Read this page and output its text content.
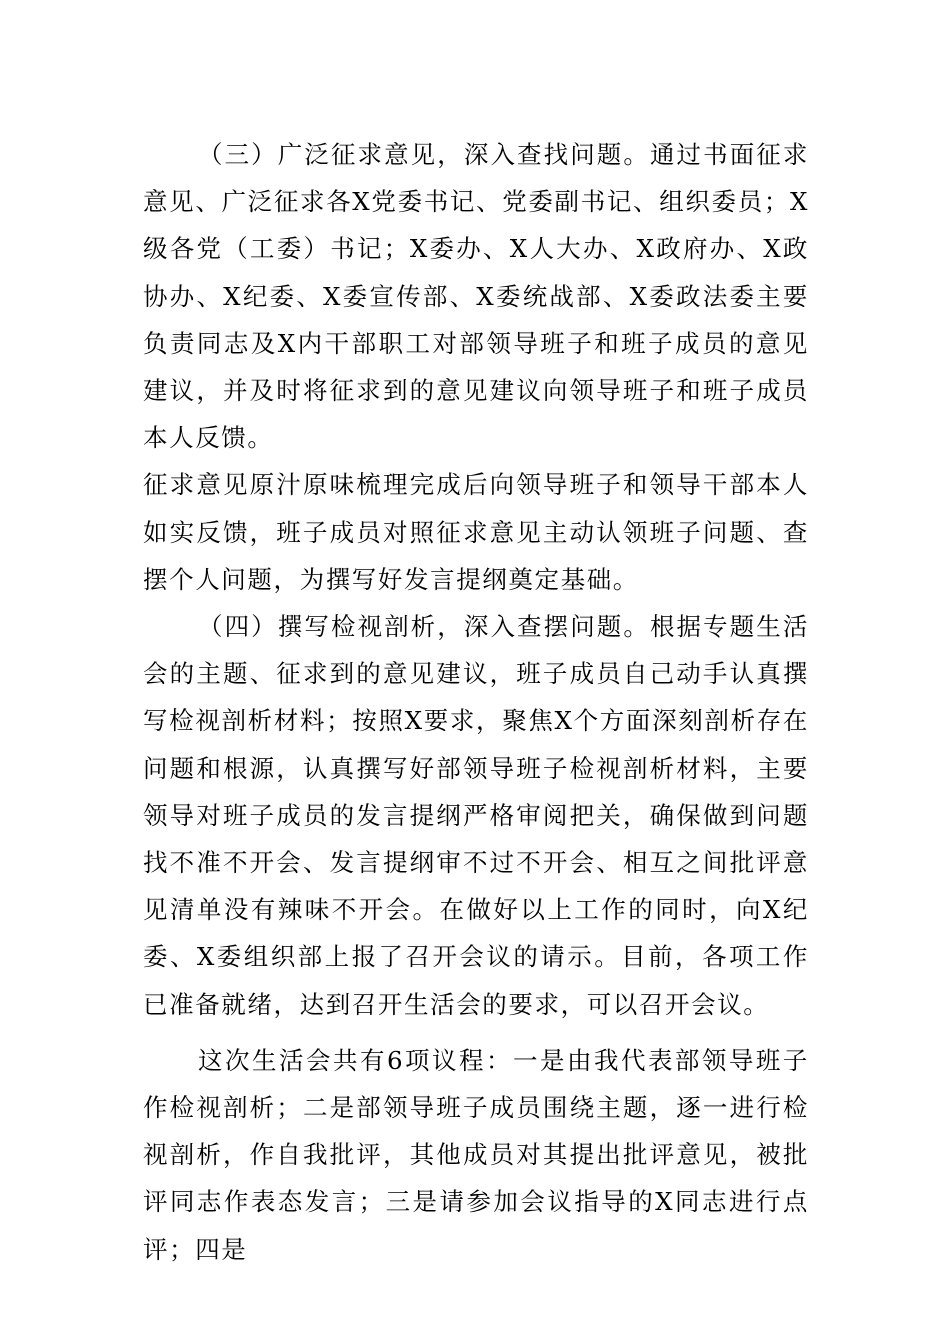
（三）广泛征求意见，深入查找问题。通过书面征求意见、广泛征求各X党委书记、党委副书记、组织委员；X级各党（工委）书记；X委办、X人大办、X政府办、X政协办、X纪委、X委宣传部、X委统战部、X委政法委主要负责同志及X内干部职工对部领导班子和班子成员的意见建议，并及时将征求到的意见建议向领导班子和班子成员本人反馈。

征求意见原汁原味梳理完成后向领导班子和领导干部本人如实反馈，班子成员对照征求意见主动认领班子问题、查摆个人问题，为撰写好发言提纲奠定基础。

（四）撰写检视剖析，深入查摆问题。根据专题生活会的主题、征求到的意见建议，班子成员自己动手认真撰写检视剖析材料；按照X要求，聚焦X个方面深刻剖析存在问题和根源，认真撰写好部领导班子检视剖析材料，主要领导对班子成员的发言提纲严格审阅把关，确保做到问题找不准不开会、发言提纲审不过不开会、相互之间批评意见清单没有辣味不开会。在做好以上工作的同时，向X纪委、X委组织部上报了召开会议的请示。目前，各项工作已准备就绪，达到召开生活会的要求，可以召开会议。

这次生活会共有6项议程：一是由我代表部领导班子作检视剖析；二是部领导班子成员围绕主题，逐一进行检视剖析，作自我批评，其他成员对其提出批评意见，被批评同志作表态发言；三是请参加会议指导的X同志进行点评；四是
